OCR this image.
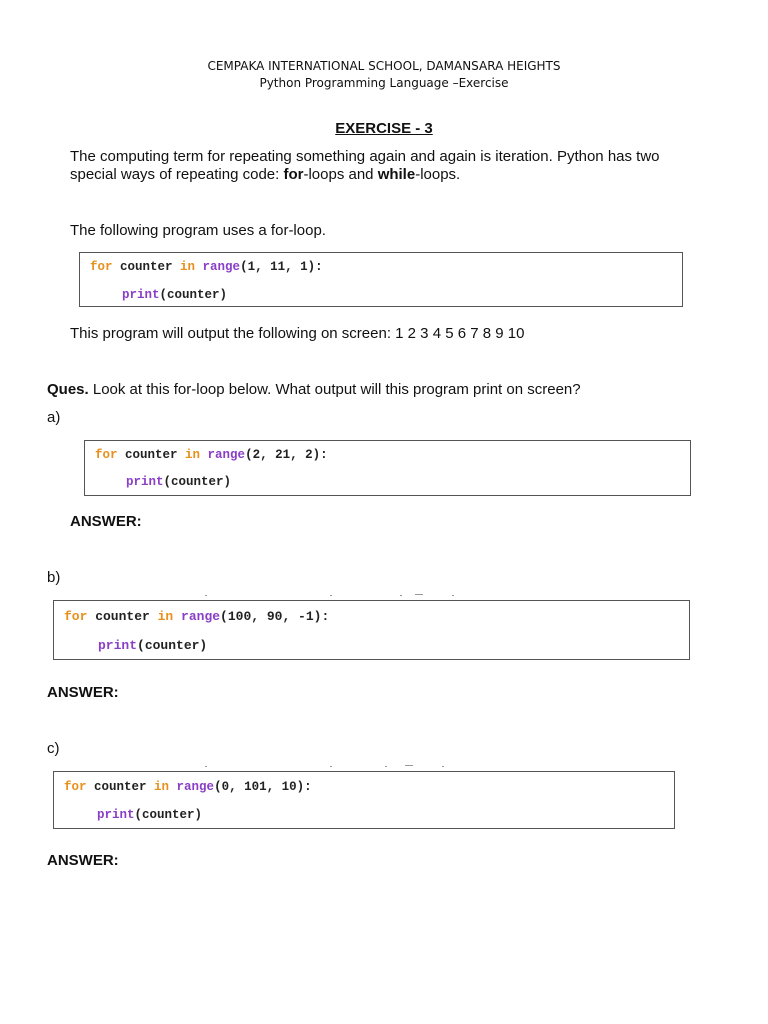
CEMPAKA INTERNATIONAL SCHOOL, DAMANSARA HEIGHTS
Python Programming Language –Exercise
EXERCISE - 3
The computing term for repeating something again and again is iteration. Python has two
special ways of repeating code: for-loops and while-loops.
The following program uses a for-loop.
for counter in range(1, 11, 1):
print(counter)
This program will output the following on screen: 1 2 3 4 5 6 7 8 9 10
Ques. Look at this for-loop below. What output will this program print on screen?
a)
for counter in range(2, 21, 2):
print(counter)
ANSWER:
b)
for counter in range(100, 90, -1):
print(counter)
ANSWER:
c)
for counter in range(0, 101, 10):
print(counter)
ANSWER:
